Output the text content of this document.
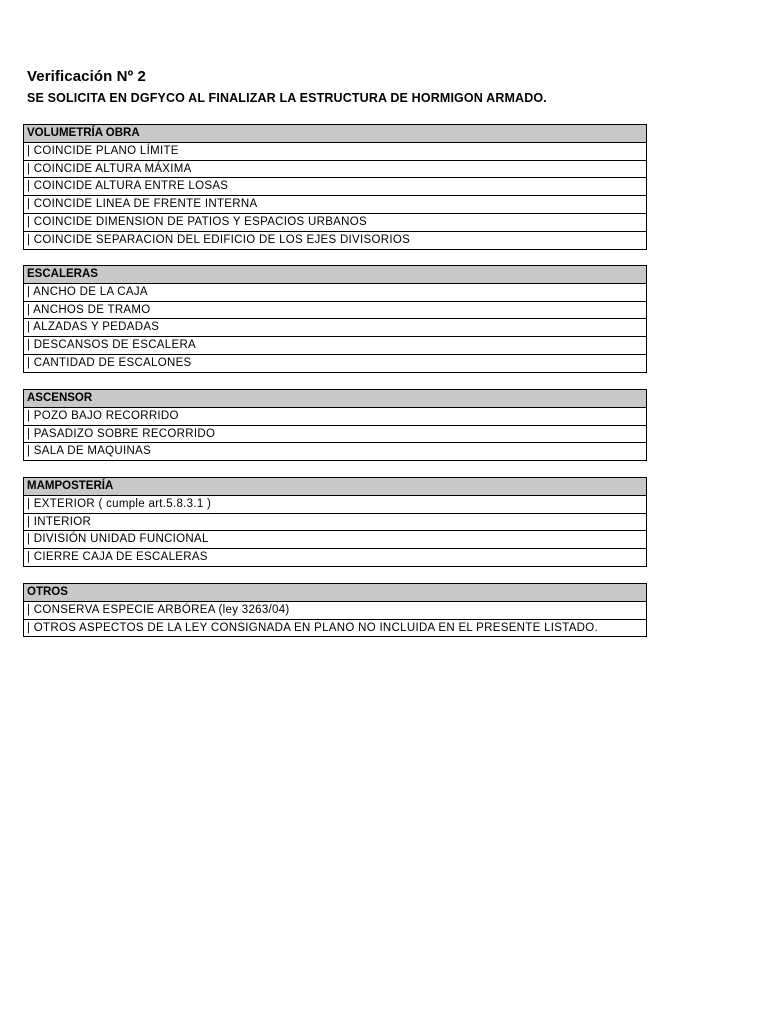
Verificación Nº 2
SE SOLICITA EN DGFYCO AL FINALIZAR LA ESTRUCTURA DE HORMIGON ARMADO.
VOLUMETRÍA OBRA
| COINCIDE PLANO LÍMITE
| COINCIDE ALTURA MÁXIMA
| COINCIDE ALTURA ENTRE LOSAS
| COINCIDE LINEA DE FRENTE INTERNA
| COINCIDE DIMENSION DE PATIOS Y ESPACIOS URBANOS
| COINCIDE SEPARACION DEL EDIFICIO DE LOS EJES DIVISORIOS
ESCALERAS
| ANCHO DE LA CAJA
| ANCHOS DE TRAMO
| ALZADAS Y PEDADAS
| DESCANSOS DE ESCALERA
| CANTIDAD DE ESCALONES
ASCENSOR
| POZO BAJO RECORRIDO
| PASADIZO SOBRE RECORRIDO
| SALA DE MAQUINAS
MAMPOSTERÍA
| EXTERIOR ( cumple art.5.8.3.1 )
| INTERIOR
| DIVISIÓN UNIDAD FUNCIONAL
| CIERRE CAJA DE ESCALERAS
OTROS
| CONSERVA ESPECIE ARBÓREA (ley 3263/04)
| OTROS ASPECTOS DE LA LEY CONSIGNADA EN PLANO NO INCLUIDA EN EL PRESENTE LISTADO.
